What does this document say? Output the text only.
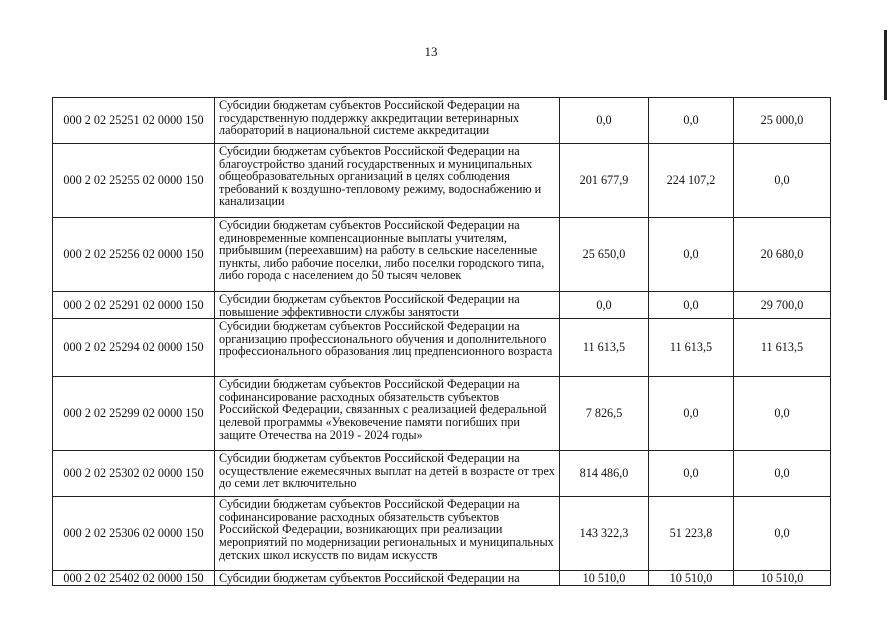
13
000 2 02 25251 02 0000 150	Субсидии бюджетам субъектов Российской Федерации на государственную поддержку аккредитации ветеринарных лабораторий в национальной системе аккредитации	0,0	0,0	25 000,0
000 2 02 25255 02 0000 150	Субсидии бюджетам субъектов Российской Федерации на благоустройство зданий государственных и муниципальных общеобразовательных организаций в целях соблюдения требований к воздушно-тепловому режиму, водоснабжению и канализации	201 677,9	224 107,2	0,0
000 2 02 25256 02 0000 150	Субсидии бюджетам субъектов Российской Федерации на единовременные компенсационные выплаты учителям, прибывшим (переехавшим) на работу в сельские населенные пункты, либо рабочие поселки, либо поселки городского типа, либо города с населением до 50 тысяч человек	25 650,0	0,0	20 680,0
000 2 02 25291 02 0000 150	Субсидии бюджетам субъектов Российской Федерации на повышение эффективности службы занятости	0,0	0,0	29 700,0
000 2 02 25294 02 0000 150	Субсидии бюджетам субъектов Российской Федерации на организацию профессионального обучения и дополнительного профессионального образования лиц предпенсионного возраста	11 613,5	11 613,5	11 613,5
000 2 02 25299 02 0000 150	Субсидии бюджетам субъектов Российской Федерации на софинансирование расходных обязательств субъектов Российской Федерации, связанных с реализацией федеральной целевой программы «Увековечение памяти погибших при защите Отечества на 2019 - 2024 годы»	7 826,5	0,0	0,0
000 2 02 25302 02 0000 150	Субсидии бюджетам субъектов Российской Федерации на осуществление ежемесячных выплат на детей в возрасте от трех до семи лет включительно	814 486,0	0,0	0,0
000 2 02 25306 02 0000 150	Субсидии бюджетам субъектов Российской Федерации на софинансирование расходных обязательств субъектов Российской Федерации, возникающих при реализации мероприятий по модернизации региональных и муниципальных детских школ искусств по видам искусств	143 322,3	51 223,8	0,0
000 2 02 25402 02 0000 150	Субсидии бюджетам субъектов Российской Федерации на	10 510,0	10 510,0	10 510,0
